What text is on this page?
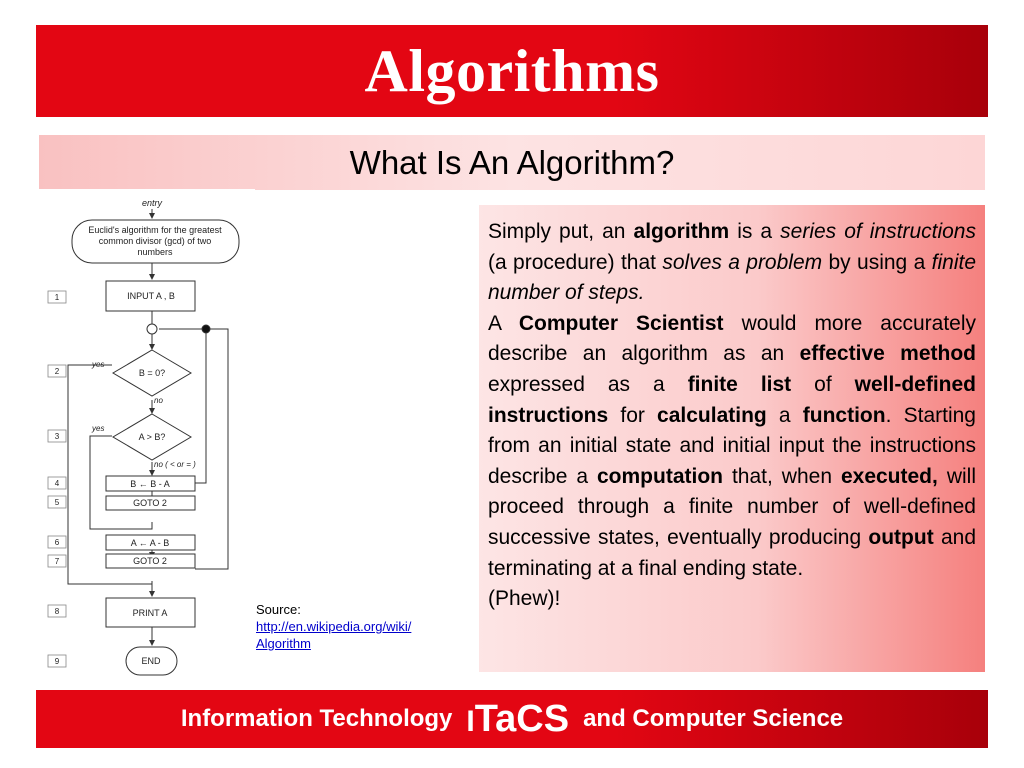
Algorithms
What Is An Algorithm?
entry
Euclid's algorithm for the greatest
common divisor (gcd) of two
numbers
INPUT A , B
B = 0?
A > B?
B ← B - A
GOTO 2
A ← A - B
GOTO 2
PRINT A
END
yes
yes
no
no ( < or = )
1
2
3
4
5
6
7
8
9
Source:
http://en.wikipedia.org/wiki/
Algorithm

Simply put, an algorithm is a series of instructions (a procedure) that solves a problem by using a finite number of steps.

A Computer Scientist would more accurately describe an algorithm as an effective method expressed as a finite list of well-defined instructions for calculating a function. Starting from an initial state and initial input the instructions describe a computation that, when executed, will proceed through a finite number of well-defined successive states, eventually producing output and terminating at a final ending state.

(Phew)!

Information Technology ITaCS and Computer Science
